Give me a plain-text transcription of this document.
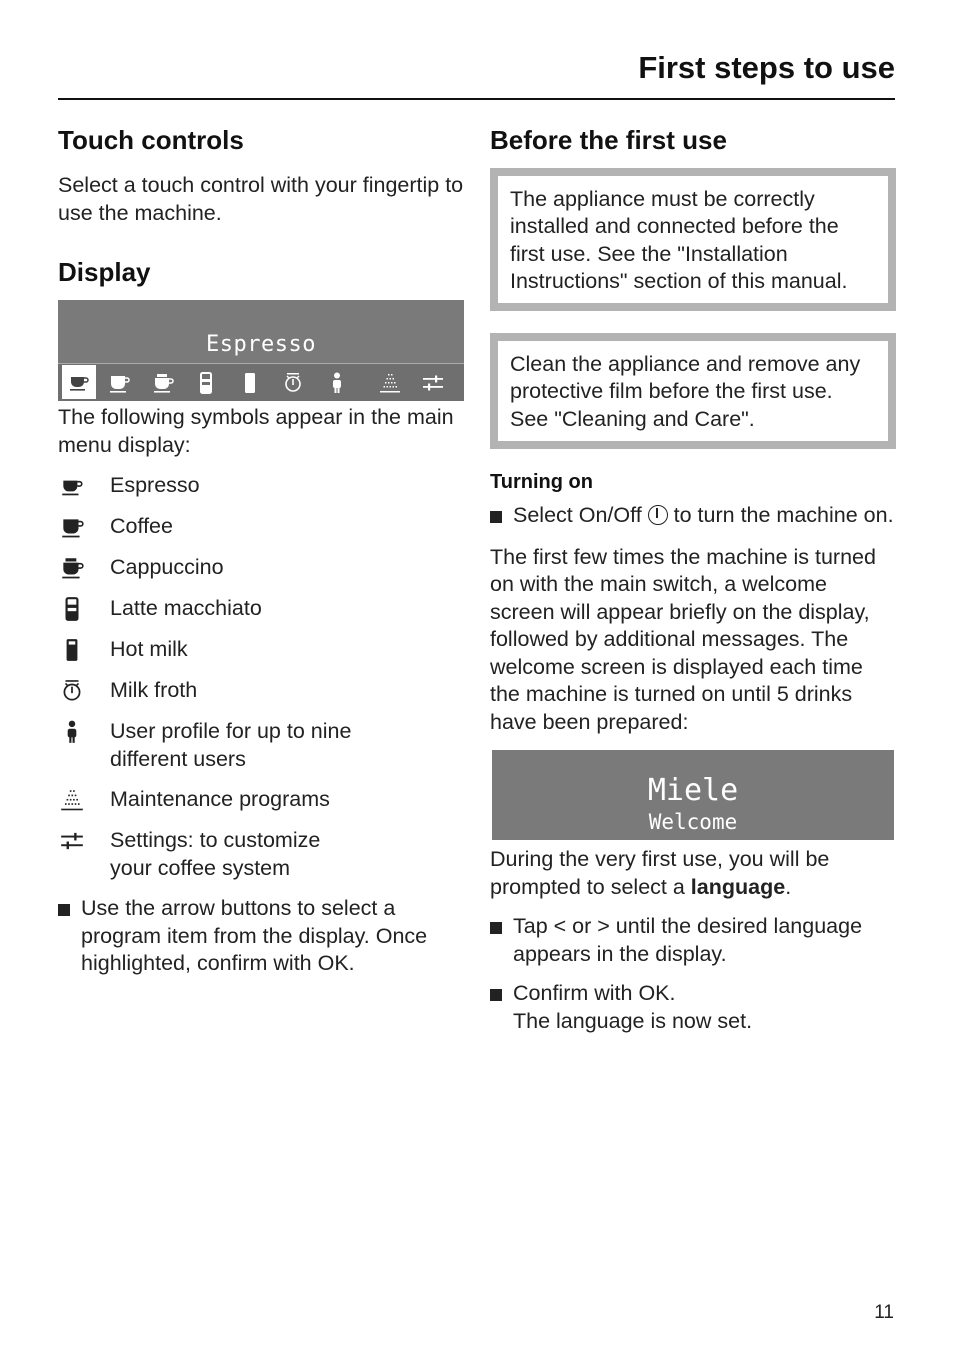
First steps to use
Touch controls

Select a touch control with your fingertip to use the machine.

Display
Espresso

The following symbols appear in the main menu display:

Espresso
Coffee
Cappuccino
Latte macchiato
Hot milk
Milk froth
User profile for up to nine different users
Maintenance programs
Settings: to customize your coffee system

Use the arrow buttons to select a program item from the display. Once highlighted, confirm with OK.

Before the first use

The appliance must be correctly installed and connected before the first use. See the "Installation Instructions" section of this manual.

Clean the appliance and remove any protective film before the first use. See "Cleaning and Care".

Turning on

Select On/Off to turn the machine on.

The first few times the machine is turned on with the main switch, a welcome screen will appear briefly on the display, followed by additional messages. The welcome screen is displayed each time the machine is turned on until 5 drinks have been prepared:

Miele
Welcome

During the very first use, you will be prompted to select a language.

Tap < or > until the desired language appears in the display.

Confirm with OK.
The language is now set.

11
